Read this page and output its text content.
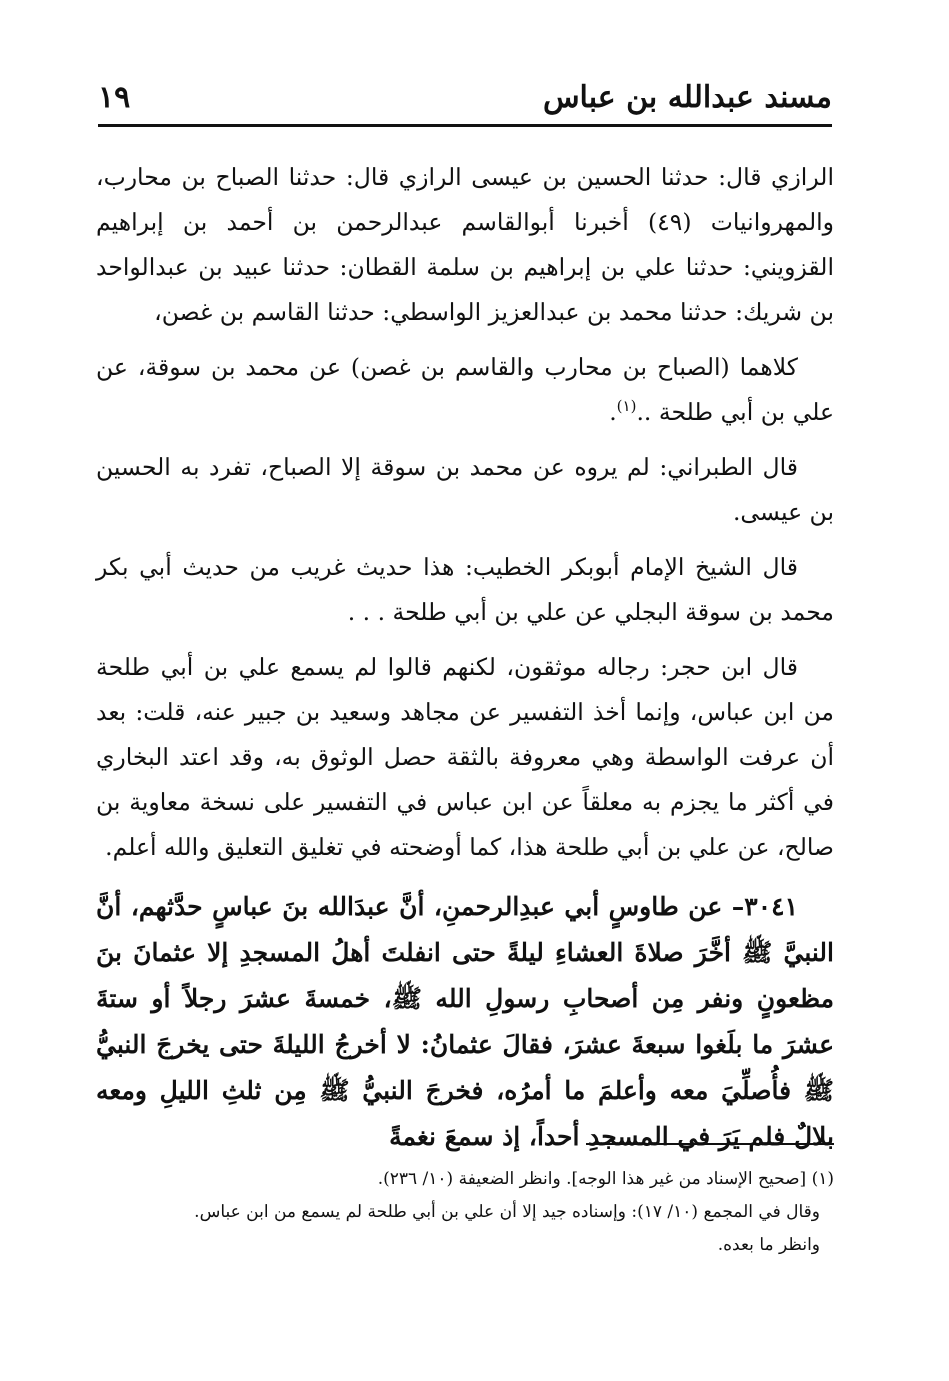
مسند عبدالله بن عباس
١٩

الرازي قال: حدثنا الحسين بن عيسى الرازي قال: حدثنا الصباح بن محارب، والمهروانيات (٤٩) أخبرنا أبوالقاسم عبدالرحمن بن أحمد بن إبراهيم القزويني: حدثنا علي بن إبراهيم بن سلمة القطان: حدثنا عبيد بن عبدالواحد بن شريك: حدثنا محمد بن عبدالعزيز الواسطي: حدثنا القاسم بن غصن،

كلاهما (الصباح بن محارب والقاسم بن غصن) عن محمد بن سوقة، عن علي بن أبي طلحة ..$^{(١)}$.

قال الطبراني: لم يروه عن محمد بن سوقة إلا الصباح، تفرد به الحسين بن عيسى.

قال الشيخ الإمام أبوبكر الخطيب: هذا حديث غريب من حديث أبي بكر محمد بن سوقة البجلي عن علي بن أبي طلحة . . .

قال ابن حجر: رجاله موثقون، لكنهم قالوا لم يسمع علي بن أبي طلحة من ابن عباس، وإنما أخذ التفسير عن مجاهد وسعيد بن جبير عنه، قلت: بعد أن عرفت الواسطة وهي معروفة بالثقة حصل الوثوق به، وقد اعتد البخاري في أكثر ما يجزم به معلقاً عن ابن عباس في التفسير على نسخة معاوية بن صالح، عن علي بن أبي طلحة هذا، كما أوضحته في تغليق التعليق والله أعلم.

٣٠٤١– عن طاوسٍ أبي عبدِالرحمنِ، أنَّ عبدَالله بنَ عباسٍ حدَّثهم، أنَّ النبيَّ ﷺ أخَّرَ صلاةَ العشاءِ ليلةً حتى انفلتَ أهلُ المسجدِ إلا عثمانَ بنَ مظعونٍ ونفر مِن أصحابِ رسولِ الله ﷺ، خمسةَ عشرَ رجلاً أو ستةَ عشرَ ما بلَغوا سبعةَ عشرَ، فقالَ عثمانُ: لا أخرجُ الليلةَ حتى يخرجَ النبيُّ ﷺ فأُصلِّيَ معه وأعلمَ ما أمرُه، فخرجَ النبيُّ ﷺ مِن ثلثِ الليلِ ومعه بلالٌ فلم يَرَ في المسجدِ أحداً، إذ سمعَ نغمةً

(١) [صحيح الإسناد من غير هذا الوجه]. وانظر الضعيفة (١٠/ ٢٣٦).

وقال في المجمع (١٠/ ١٧): وإسناده جيد إلا أن علي بن أبي طلحة لم يسمع من ابن عباس.

وانظر ما بعده.
